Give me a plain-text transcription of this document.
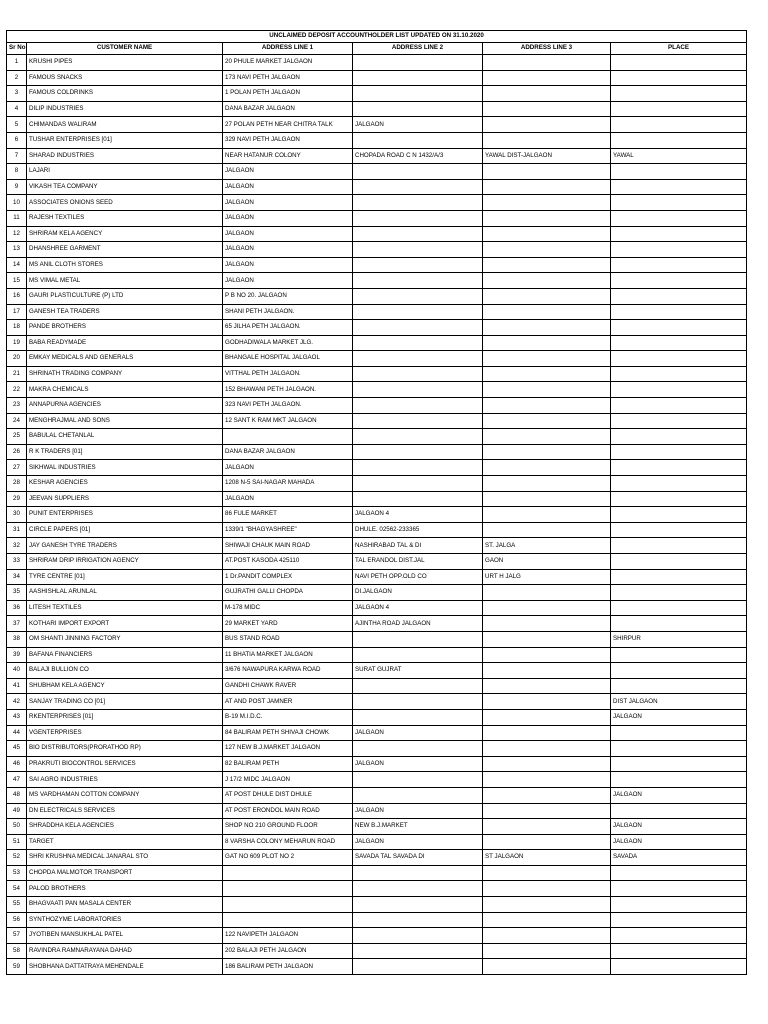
UNCLAIMED DEPOSIT ACCOUNTHOLDER LIST UPDATED ON 31.10.2020					
Sr No	CUSTOMER NAME	ADDRESS LINE 1	ADDRESS LINE 2	ADDRESS LINE 3	PLACE
1	KRUSHI PIPES	20 PHULE MARKET JALGAON			
2	FAMOUS SNACKS	173 NAVI PETH JALGAON			
3	FAMOUS COLDRINKS	1 POLAN PETH JALGAON			
4	DILIP INDUSTRIES	DANA BAZAR JALGAON			
5	CHIMANDAS WALIRAM	27 POLAN PETH NEAR CHITRA TALK	JALGAON		
6	TUSHAR ENTERPRISES [01]	329 NAVI PETH JALGAON			
7	SHARAD INDUSTRIES	NEAR HATANUR COLONY	CHOPADA ROAD C N 1432/A/3	YAWAL DIST-JALGAON	YAWAL
8	LAJARI	JALGAON			
9	VIKASH TEA COMPANY	JALGAON			
10	ASSOCIATES ONIONS SEED	JALGAON			
11	RAJESH TEXTILES	JALGAON			
12	SHRIRAM KELA AGENCY	JALGAON			
13	DHANSHREE GARMENT	JALGAON			
14	MS ANIL CLOTH STORES	JALGAON			
15	MS VIMAL METAL	JALGAON			
16	GAURI PLASTICULTURE (P) LTD	P B NO 20. JALGAON			
17	GANESH TEA TRADERS	SHANI PETH JALGAON.			
18	PANDE BROTHERS	65 JILHA PETH JALGAON.			
19	BABA READYMADE	GODHADIWALA MARKET JLG.			
20	EMKAY MEDICALS AND GENERALS	BHANGALE HOSPITAL JALGAOL			
21	SHRINATH TRADING COMPANY	VITTHAL PETH JALGAON.			
22	MAKRA CHEMICALS	152 BHAWANI PETH JALGAON.			
23	ANNAPURNA AGENCIES	323 NAVI PETH JALGAON.			
24	MENGHRAJMAL AND SONS	12 SANT K RAM MKT JALGAON			
25	BABULAL CHETANLAL				
26	R K TRADERS [01]	DANA BAZAR JALGAON			
27	SIKHWAL INDUSTRIES	JALGAON			
28	KESHAR AGENCIES	1208 N-5 SAI-NAGAR MAHADA			
29	JEEVAN SUPPLIERS	JALGAON			
30	PUNIT ENTERPRISES	86 FULE MARKET	JALGAON 4		
31	CIRCLE PAPERS [01]	1339/1 "BHAGYASHREE"	DHULE. 02562-233365		
32	JAY GANESH TYRE TRADERS	SHIWAJI CHAUK MAIN ROAD	NASHIRABAD TAL & DI	ST. JALGA	
33	SHRIRAM DRIP IRRIGATION AGENCY	AT.POST KASODA 425110	TAL ERANDOL DIST.JAL	GAON	
34	TYRE CENTRE [01]	1 Dr.PANDIT COMPLEX	NAVI PETH OPP.OLD CO	URT H JALG	
35	AASHISHLAL ARUNLAL	GUJRATHI GALLI CHOPDA	DI.JALGAON		
36	LITESH TEXTILES	M-178 MIDC	JALGAON 4		
37	KOTHARI IMPORT EXPORT	29 MARKET YARD	AJINTHA ROAD JALGAON		
38	OM SHANTI JINNING FACTORY	BUS STAND ROAD			SHIRPUR
39	BAFANA FINANCIERS	11 BHATIA MARKET JALGAON			
40	BALAJI BULLION CO	3/676 NAWAPURA KARWA ROAD	SURAT GUJRAT		
41	SHUBHAM KELA AGENCY	GANDHI CHAWK RAVER			
42	SANJAY TRADING CO [01]	AT AND POST JAMNER			DIST JALGAON
43	RKENTERPRISES [01]	B-19 M.I.D.C.			JALGAON
44	VGENTERPRISES	84 BALIRAM PETH SHIVAJI CHOWK	JALGAON		
45	BIO DISTRIBUTORS(PRORATHOD RP)	127 NEW B.J.MARKET JALGAON			
46	PRAKRUTI BIOCONTROL SERVICES	82 BALIRAM PETH	JALGAON		
47	SAI AGRO INDUSTRIES	J 17/2 MIDC JALGAON			
48	MS VARDHAMAN COTTON COMPANY	AT POST DHULE DIST DHULE			JALGAON
49	DN ELECTRICALS SERVICES	AT POST ERONDOL MAIN ROAD	JALGAON		
50	SHRADDHA KELA AGENCIES	SHOP NO 210 GROUND FLOOR	NEW B.J.MARKET		JALGAON
51	TARGET	8 VARSHA COLONY MEHARUN ROAD	JALGAON		JALGAON
52	SHRI KRUSHNA MEDICAL JANARAL STO	GAT NO 609 PLOT NO 2	SAVADA TAL SAVADA DI	ST JALGAON	SAVADA
53	CHOPDA MALMOTOR TRANSPORT				
54	PALOD BROTHERS				
55	BHAGVAATI PAN MASALA CENTER				
56	SYNTHOZYME LABORATORIES				
57	JYOTIBEN MANSUKHLAL PATEL	122 NAVIPETH JALGAON			
58	RAVINDRA RAMNARAYANA DAHAD	202 BALAJI PETH JALGAON			
59	SHOBHANA DATTATRAYA MEHENDALE	186 BALIRAM PETH JALGAON			
